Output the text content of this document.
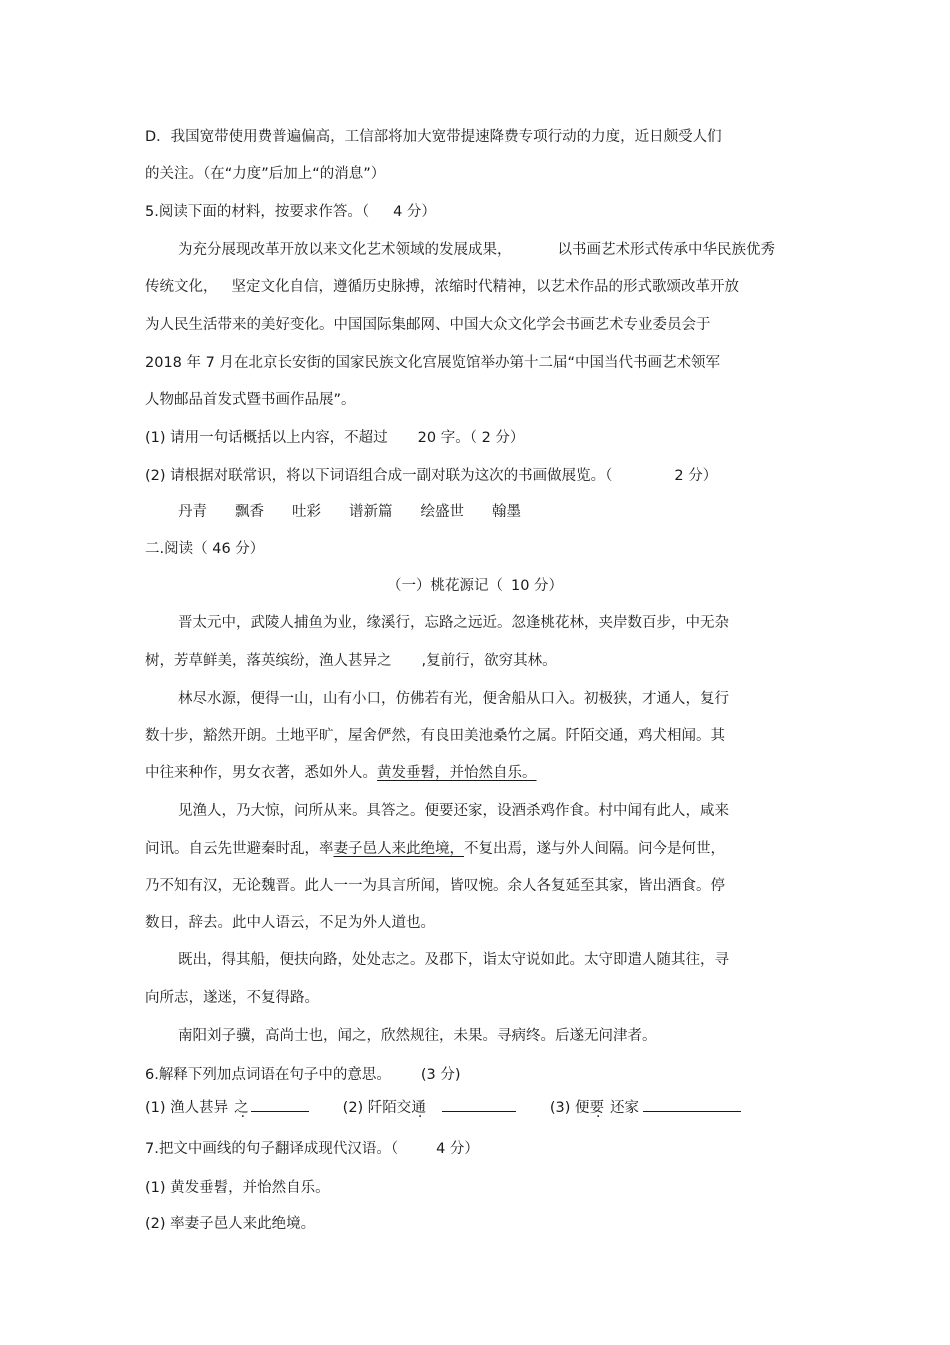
D．我国宽带使用费普遍偏高，工信部将加大宽带提速降费专项行动的力度，近日颇受人们
的关注。（在“力度”后加上“的消息”）
5.阅读下面的材料，按要求作答。（ 4 分）
为充分展现改革开放以来文化艺术领域的发展成果，	以书画艺术形式传承中华民族优秀
传统文化， 坚定文化自信，遵循历史脉搏，浓缩时代精神，以艺术作品的形式歌颂改革开放
为人民生活带来的美好变化。中国国际集邮网、中国大众文化学会书画艺术专业委员会于
2018 年 7 月在北京长安街的国家民族文化宫展览馆举办第十二届“中国当代书画艺术领军
人物邮品首发式暨书画作品展”。
(1) 请用一句话概括以上内容，不超过 20 字。（ 2 分）
(2) 请根据对联常识，将以下词语组合成一副对联为这次的书画做展览。（	2 分）
丹青 飘香 吐彩 谱新篇 绘盛世 翰墨
二.阅读（ 46 分）
（一）桃花源记（ 10 分）
晋太元中，武陵人捕鱼为业，缘溪行，忘路之远近。忽逢桃花林，夹岸数百步，中无杂
树，芳草鲜美，落英缤纷，渔人甚异之 ,复前行，欲穷其林。
林尽水源，便得一山，山有小口，仿佛若有光，便舍船从口入。初极狭，才通人，复行
数十步，豁然开朗。土地平旷，屋舍俨然，有良田美池桑竹之属。阡陌交通，鸡犬相闻。其
中往来种作，男女衣著，悉如外人。黄发垂髫，并怡然自乐。
见渔人，乃大惊，问所从来。具答之。便要还家，设酒杀鸡作食。村中闻有此人，咸来
问讯。自云先世避秦时乱，率妻子邑人来此绝境，不复出焉，遂与外人间隔。问今是何世，
乃不知有汉，无论魏晋。此人一一为具言所闻，皆叹惋。余人各复延至其家，皆出酒食。停
数日，辞去。此中人语云，不足为外人道也。
既出，得其船，便扶向路，处处志之。及郡下，诣太守说如此。太守即遣人随其往，寻
向所志，遂迷，不复得路。
南阳刘子骥，高尚士也，闻之，欣然规往，未果。寻病终。后遂无问津者。
6.解释下列加点词语在句子中的意思。 (3 分)
(1) 渔人甚异 之	(2) 阡陌交通	(3) 便要 还家
7.把文中画线的句子翻译成现代汉语。（	4 分）
(1) 黄发垂髫，并怡然自乐。
(2) 率妻子邑人来此绝境。
